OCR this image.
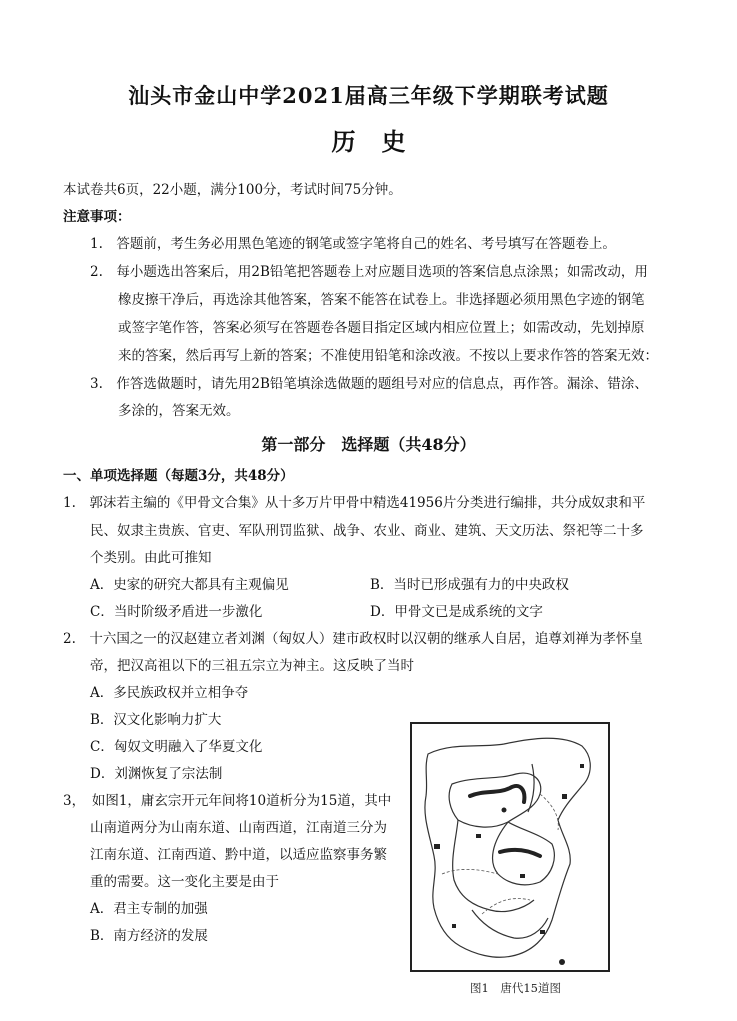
汕头市金山中学2021届高三年级下学期联考试题
历史
本试卷共6页，22小题，满分100分，考试时间75分钟。
注意事项：
1.　答题前，考生务必用黑色笔迹的钢笔或签字笔将自己的姓名、考号填写在答题卷上。
2.　每小题选出答案后，用2B铅笔把答题卷上对应题目选项的答案信息点涂黑；如需改动，用
橡皮擦干净后，再选涂其他答案，答案不能答在试卷上。非选择题必须用黑色字迹的钢笔
或签字笔作答，答案必须写在答题卷各题目指定区域内相应位置上；如需改动，先划掉原
来的答案，然后再写上新的答案；不准使用铅笔和涂改液。不按以上要求作答的答案无效：
3.　作答选做题时，请先用2B铅笔填涂选做题的题组号对应的信息点，再作答。漏涂、错涂、
多涂的，答案无效。
第一部分　选择题（共48分）
一、单项选择题（每题3分，共48分）
1.　郭沫若主编的《甲骨文合集》从十多万片甲骨中精选41956片分类进行编排，共分成奴隶和平
民、奴隶主贵族、官吏、军队刑罚监狱、战争、农业、商业、建筑、天文历法、祭祀等二十多
个类别。由此可推知
A．史家的研究大都具有主观偏见	B．当时已形成强有力的中央政权
C．当时阶级矛盾进一步激化	D．甲骨文已是成系统的文字
2.　十六国之一的汉赵建立者刘渊（匈奴人）建市政权时以汉朝的继承人自居，追尊刘禅为孝怀皇
帝，把汉高祖以下的三祖五宗立为神主。这反映了当时
A．多民族政权并立相争夺
B．汉文化影响力扩大
C．匈奴文明融入了华夏文化
D．刘渊恢复了宗法制
3，　如图1，庸玄宗开元年间将10道析分为15道，其中
山南道两分为山南东道、山南西道，江南道三分为
江南东道、江南西道、黔中道，以适应监察事务繁
重的需要。这一变化主要是由于
A．君主专制的加强
B．南方经济的发展
图1　唐代15道图
